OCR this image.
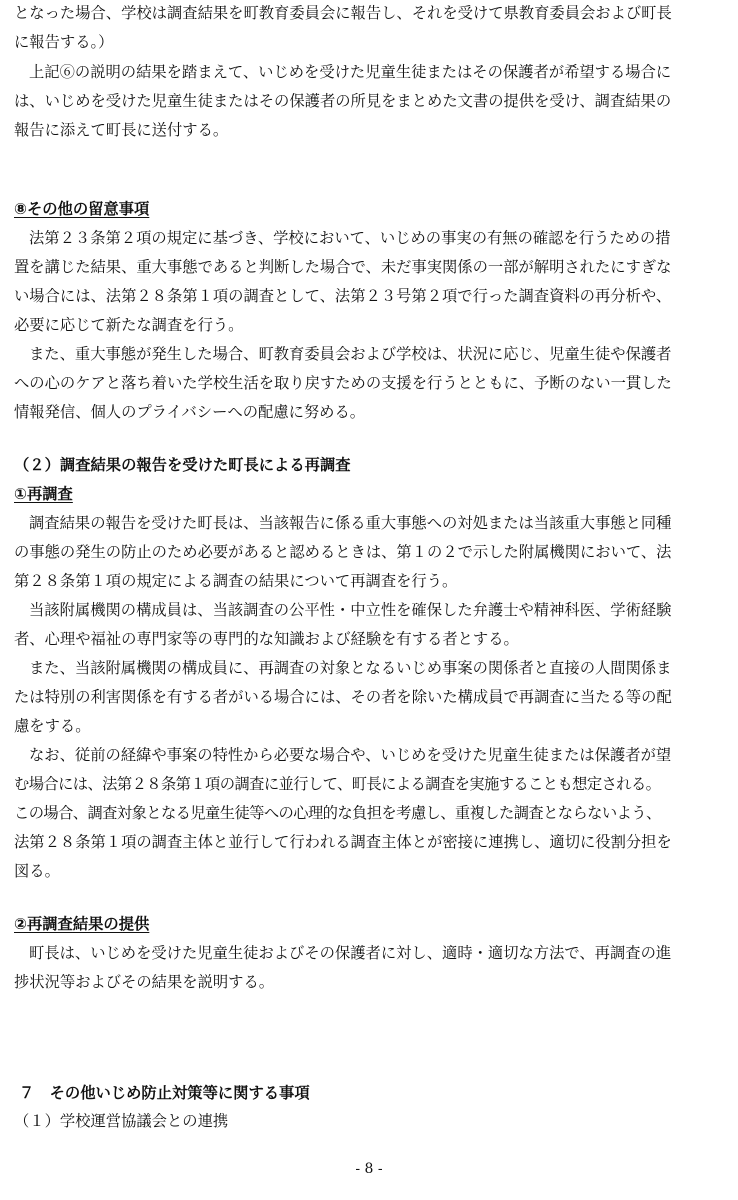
となった場合、学校は調査結果を町教育委員会に報告し、それを受けて県教育委員会および町長
に報告する。）
上記⑥の説明の結果を踏まえて、いじめを受けた児童生徒またはその保護者が希望する場合に
は、いじめを受けた児童生徒またはその保護者の所見をまとめた文書の提供を受け、調査結果の
報告に添えて町長に送付する。
⑧その他の留意事項
法第２３条第２項の規定に基づき、学校において、いじめの事実の有無の確認を行うための措
置を講じた結果、重大事態であると判断した場合で、未だ事実関係の一部が解明されたにすぎな
い場合には、法第２８条第１項の調査として、法第２３号第２項で行った調査資料の再分析や、
必要に応じて新たな調査を行う。
また、重大事態が発生した場合、町教育委員会および学校は、状況に応じ、児童生徒や保護者
への心のケアと落ち着いた学校生活を取り戻すための支援を行うとともに、予断のない一貫した
情報発信、個人のプライバシーへの配慮に努める。
（２）調査結果の報告を受けた町長による再調査
①再調査
調査結果の報告を受けた町長は、当該報告に係る重大事態への対処または当該重大事態と同種
の事態の発生の防止のため必要があると認めるときは、第１の２で示した附属機関において、法
第２８条第１項の規定による調査の結果について再調査を行う。
当該附属機関の構成員は、当該調査の公平性・中立性を確保した弁護士や精神科医、学術経験
者、心理や福祉の専門家等の専門的な知識および経験を有する者とする。
また、当該附属機関の構成員に、再調査の対象となるいじめ事案の関係者と直接の人間関係ま
たは特別の利害関係を有する者がいる場合には、その者を除いた構成員で再調査に当たる等の配
慮をする。
なお、従前の経緯や事案の特性から必要な場合や、いじめを受けた児童生徒または保護者が望
む場合には、法第２８条第１項の調査に並行して、町長による調査を実施することも想定される。
この場合、調査対象となる児童生徒等への心理的な負担を考慮し、重複した調査とならないよう、
法第２８条第１項の調査主体と並行して行われる調査主体とが密接に連携し、適切に役割分担を
図る。
②再調査結果の提供
町長は、いじめを受けた児童生徒およびその保護者に対し、適時・適切な方法で、再調査の進
捗状況等およびその結果を説明する。
７　その他いじめ防止対策等に関する事項
（１）学校運営協議会との連携
- 8 -
